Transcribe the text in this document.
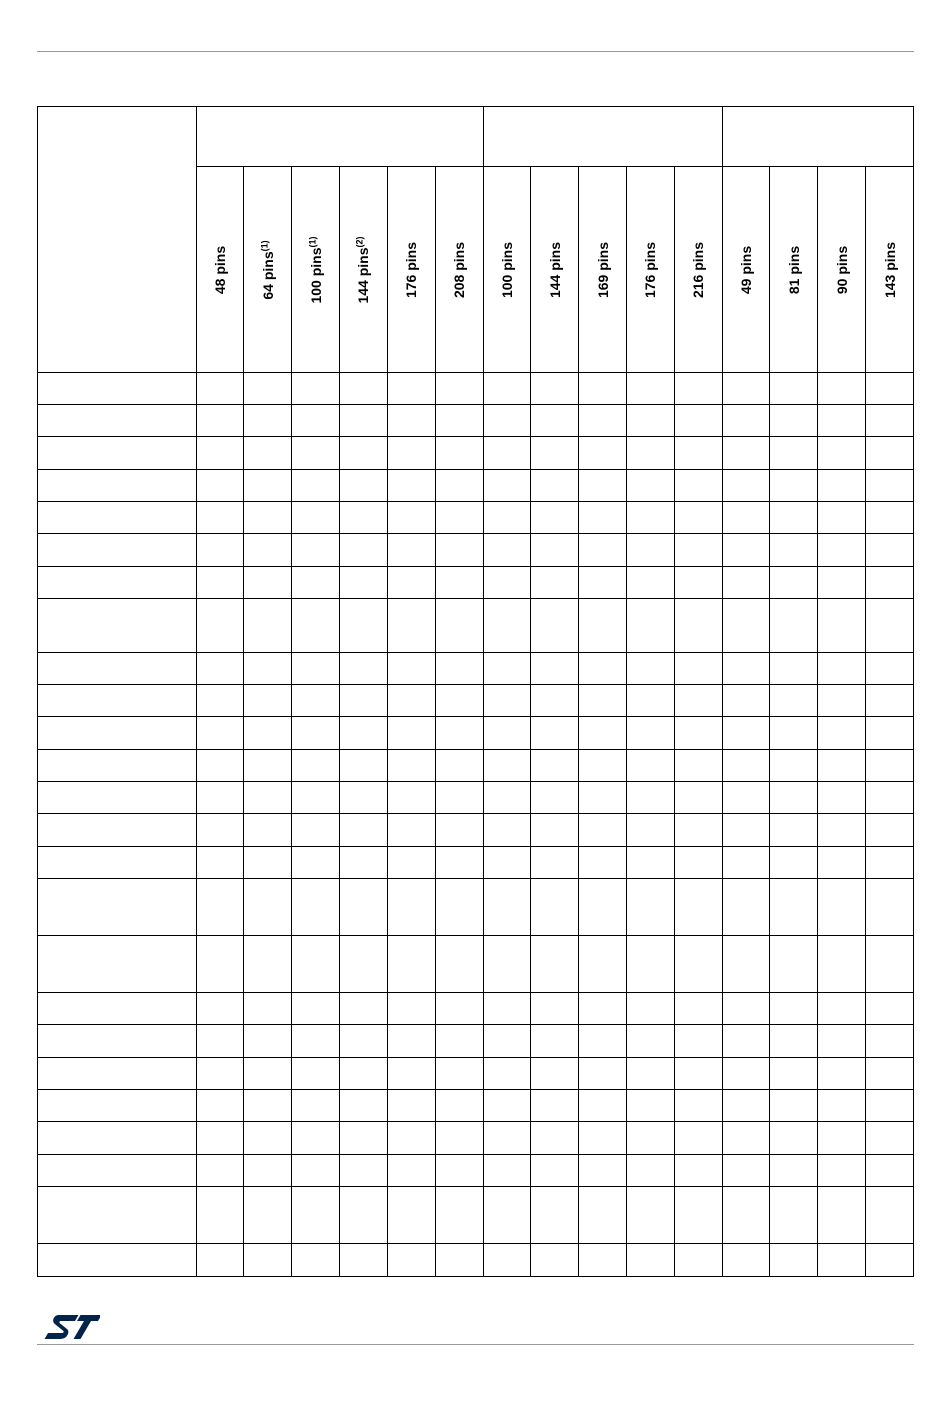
	48 pins	64 pins$^{(1)}$	100 pins$^{(1)}$	144 pins$^{(2)}$	176 pins	208 pins	100 pins	144 pins	169 pins	176 pins	216 pins	49 pins	81 pins	90 pins	143 pins
